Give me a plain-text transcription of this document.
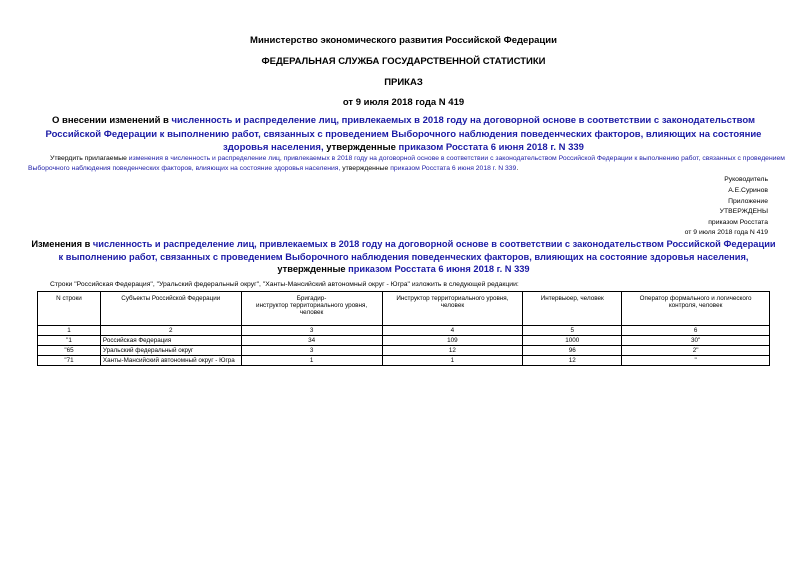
Министерство экономического развития Российской Федерации
ФЕДЕРАЛЬНАЯ СЛУЖБА ГОСУДАРСТВЕННОЙ СТАТИСТИКИ
ПРИКАЗ
от 9 июля 2018 года N 419
О внесении изменений в численность и распределение лиц, привлекаемых в 2018 году на договорной основе в соответствии с законодательством Российской Федерации к выполнению работ, связанных с проведением Выборочного наблюдения поведенческих факторов, влияющих на состояние здоровья населения, утвержденные приказом Росстата 6 июня 2018 г. N 339
Утвердить прилагаемые изменения в численность и распределение лиц, привлекаемых в 2018 году на договорной основе в соответствии с законодательством Российской Федерации к выполнению работ, связанных с проведением Выборочного наблюдения поведенческих факторов, влияющих на состояние здоровья населения, утвержденные приказом Росстата 6 июня 2018 г. N 339.
Руководитель
А.Е.Суринов
Приложение
УТВЕРЖДЕНЫ
приказом Росстата
от 9 июля 2018 года N 419
Изменения в численность и распределение лиц, привлекаемых в 2018 году на договорной основе в соответствии с законодательством Российской Федерации к выполнению работ, связанных с проведением Выборочного наблюдения поведенческих факторов, влияющих на состояние здоровья населения, утвержденные приказом Росстата 6 июня 2018 г. N 339
Строки "Российская Федерация", "Уральский федеральный округ", "Ханты-Мансийский автономный округ - Югра" изложить в следующей редакции:
N строки	Субъекты Российской Федерации	Бригадир-
инструктор территориального уровня,
человек	Инструктор территориального уровня,
человек	Интервьюер, человек	Оператор формального и логического
контроля, человек
1	2	3	4	5	6
"1	Российская Федерация	34	109	1000	30"
"65	Уральский федеральный округ	3	12	96	2"
"71	Ханты-Мансийский автономный округ - Югра	1	1	12	"
